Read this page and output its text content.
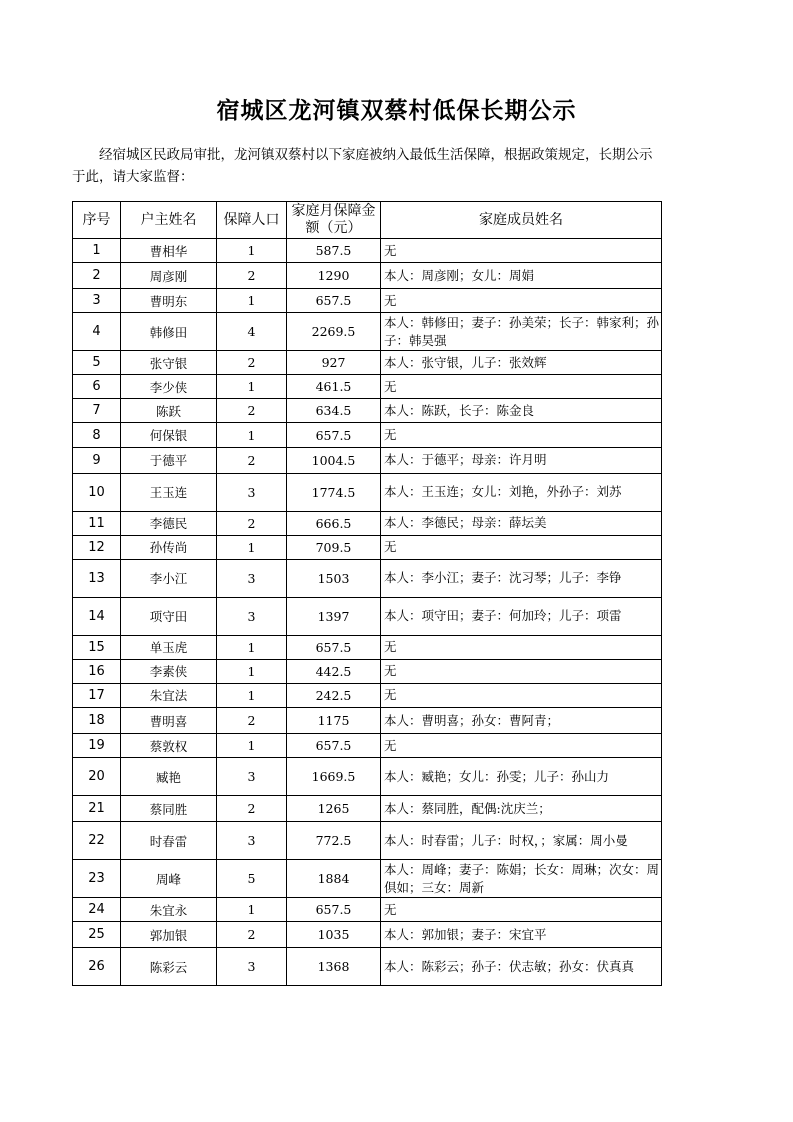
宿城区龙河镇双蔡村低保长期公示
经宿城区民政局审批，龙河镇双蔡村以下家庭被纳入最低生活保障，根据政策规定，长期公示于此，请大家监督：
序号	户主姓名	保障人口	家庭月保障金额（元）	家庭成员姓名
1	曹相华	1	587.5	无
2	周彦刚	2	1290	本人：周彦刚；女儿：周娟
3	曹明东	1	657.5	无
4	韩修田	4	2269.5	本人：韩修田；妻子：孙美荣；长子：韩家利；孙子：韩昊强
5	张守银	2	927	本人：张守银，儿子：张效辉
6	李少侠	1	461.5	无
7	陈跃	2	634.5	本人：陈跃，长子：陈金良
8	何保银	1	657.5	无
9	于德平	2	1004.5	本人：于德平；母亲：许月明
10	王玉连	3	1774.5	本人：王玉连；女儿：刘艳，外孙子：刘苏
11	李德民	2	666.5	本人：李德民；母亲：薛坛美
12	孙传尚	1	709.5	无
13	李小江	3	1503	本人：李小江；妻子：沈习琴；儿子：李铮
14	项守田	3	1397	本人：项守田；妻子：何加玲；儿子：项雷
15	单玉虎	1	657.5	无
16	李素侠	1	442.5	无
17	朱宜法	1	242.5	无
18	曹明喜	2	1175	本人：曹明喜；孙女：曹阿青；
19	蔡敦权	1	657.5	无
20	臧艳	3	1669.5	本人：臧艳；女儿：孙雯；儿子：孙山力
21	蔡同胜	2	1265	本人：蔡同胜，配偶:沈庆兰；
22	时春雷	3	772.5	本人：时春雷；儿子：时权，；家属：周小曼
23	周峰	5	1884	本人：周峰；妻子：陈娟；长女：周琳；次女：周倶如；三女：周新
24	朱宜永	1	657.5	无
25	郭加银	2	1035	本人：郭加银；妻子：宋宜平
26	陈彩云	3	1368	本人：陈彩云；孙子：伏志敏；孙女：伏真真
